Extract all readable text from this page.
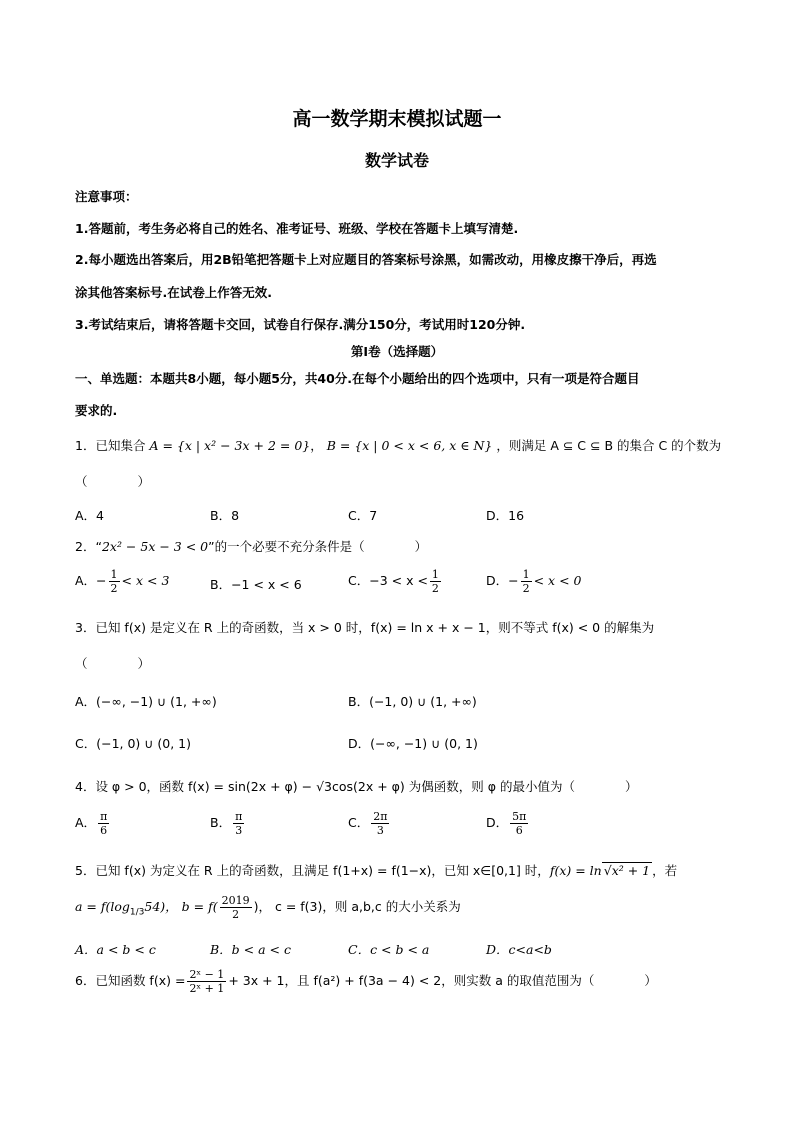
高一数学期末模拟试题一
数学试卷
注意事项：
1.答题前，考生务必将自己的姓名、准考证号、班级、学校在答题卡上填写清楚.
2.每小题选出答案后，用2B铅笔把答题卡上对应题目的答案标号涂黑，如需改动，用橡皮擦干净后，再选
涂其他答案标号.在试卷上作答无效.
3.考试结束后，请将答题卡交回，试卷自行保存.满分150分，考试用时120分钟.
第Ⅰ卷（选择题）
一、单选题：本题共8小题，每小题5分，共40分.在每个小题给出的四个选项中，只有一项是符合题目
要求的.
1．已知集合 A = {x | x² − 3x + 2 = 0}， B = {x | 0 < x < 6, x ∈ N} ，则满足 A ⊆ C ⊆ B 的集合 C 的个数为
（　　　　）
A．4	B．8	C．7	D．16
2．“2x² − 5x − 3 < 0”的一个必要不充分条件是（　　　　）
A．− $\frac{1}{2} < x < 3$	B．−1 < x < 6	C．$-3 < x < \frac{1}{2}$	D．− $\frac{1}{2} < x < 0$
3．已知 f(x) 是定义在 R 上的奇函数，当 x > 0 时，f(x) = ln x + x − 1，则不等式 f(x) < 0 的解集为
（　　　　）
A．(−∞, −1) ∪ (1, +∞)	B．(−1, 0) ∪ (1, +∞)
C．(−1, 0) ∪ (0, 1)	D．(−∞, −1) ∪ (0, 1)
4．设 φ > 0，函数 f(x) = sin(2x + φ) − √3cos(2x + φ) 为偶函数，则 φ 的最小值为（　　　　）
A． $\frac{\pi}{6}$	B． $\frac{\pi}{3}$	C． $\frac{2\pi}{3}$	D． $\frac{5\pi}{6}$
5．已知 f(x) 为定义在 R 上的奇函数，且满足 f(1+x) = f(1−x)，已知 x∈[0,1] 时，f(x) = ln √x² + 1 ，若
$a = f(\log_{1/3}54)$， $b = f( \frac{2019}{2}$ )， c = f(3)，则 a,b,c 的大小关系为
A．a < b < c	B．b < a < c	C．c < b < a	D．c<a<b
6．已知函数 $f(x) = \frac{\text{2ˣ − 1}}{\text{2ˣ + 1}} + 3x + 1$，且 f(a²) + f(3a − 4) < 2，则实数 a 的取值范围为（　　　　）
